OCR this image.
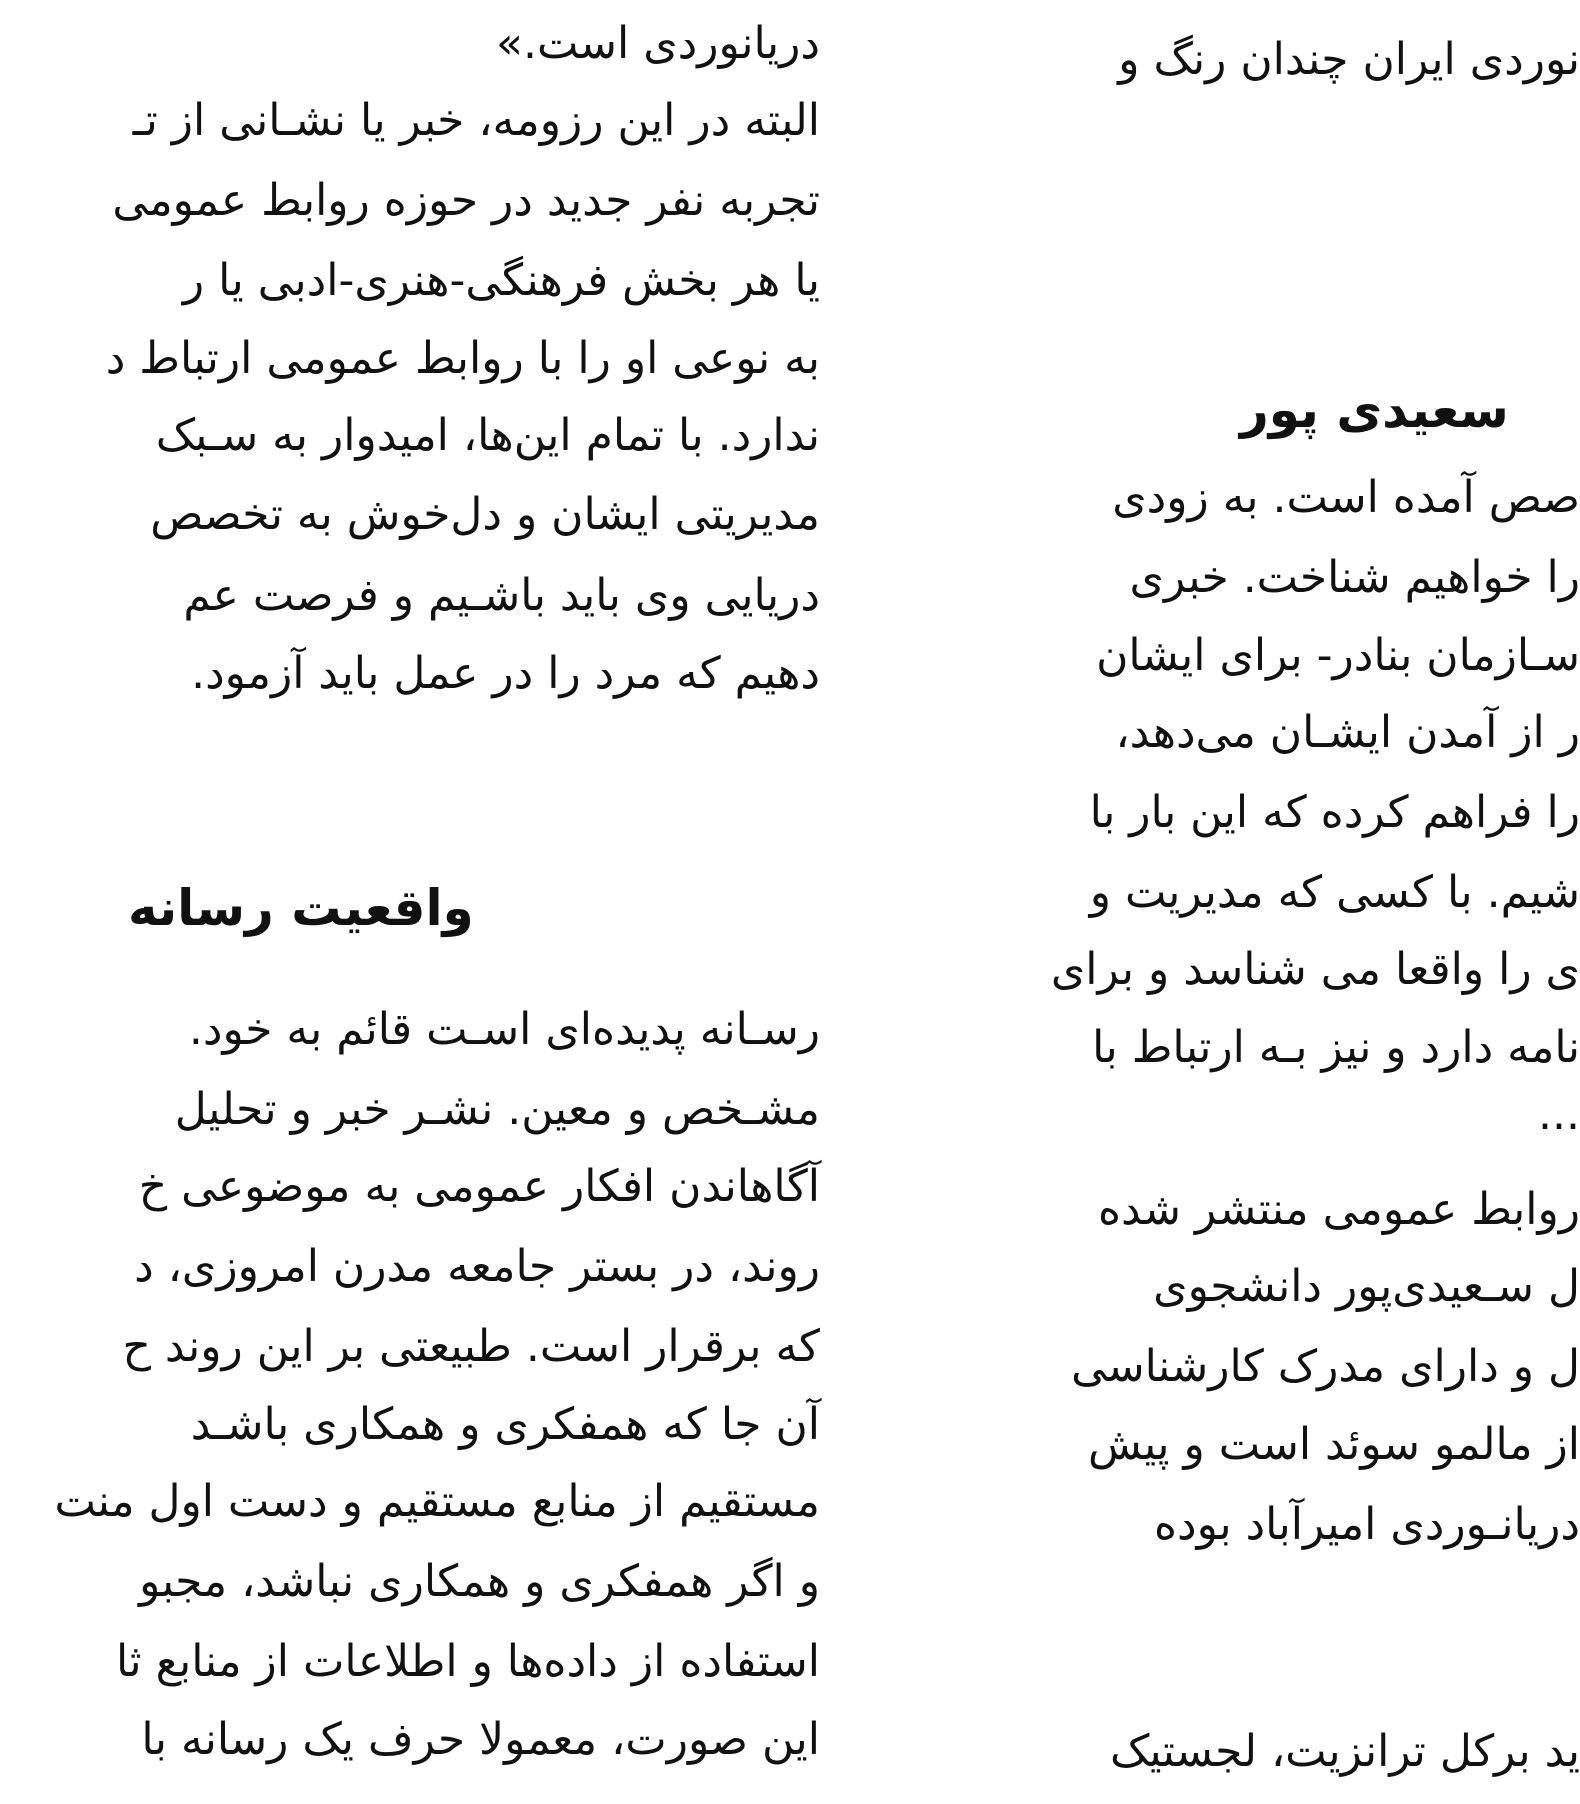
دریانوردی است.»
البته در این رزومه، خبر یا نشـانی از تـ
تجربه نفر جدید در حوزه روابط عمومی
یا هر بخش فرهنگی-هنری-ادبی یا ر
به نوعی او را با روابط عمومی ارتباط د
ندارد. با تمام این‌ها، امیدوار به سـبک
مدیریتی ایشان و دل‌خوش به تخصص
دریایی وی باید باشـیم و فرصت عم
دهیم که مرد را در عمل باید آزمود.
رسـانه پدیده‌ای اسـت قائم به خود.
مشـخص و معین. نشـر خبر و تحلیل
آگاهاندن افکار عمومی به موضوعی خ
روند، در بستر جامعه مدرن امروزی، د
که برقرار است. طبیعتی بر این روند ح
آن جا که همفکری و همکاری باشـد
مستقیم از منابع مستقیم و دست اول منت
و اگر همفکری و همکاری نباشد، مجبو
استفاده از داده‌ها و اطلاعات از منابع ثا
این صورت، معمولا حرف یک رسانه با
واقعیت رسانه
نوردی ایران چندان رنگ و
سعیدی پور
صص آمده است. به زودی
را خواهیم شناخت. خبری
سـازمان بنادر- برای ایشان
ر از آمدن ایشـان می‌دهد،
را فراهم کرده که این بار با
شیم. با کسی که مدیریت و
ی را واقعا می شناسد و برای
نامه دارد و نیز بـه ارتباط با
...
روابط عمومی منتشر شده
ل سـعیدی‌پور دانشجوی
ل و دارای مدرک کارشناسی
از مالمو سوئد است و پیش
دریانـوردی امیرآباد بوده
ید برکل ترانزیت، لجستیک
